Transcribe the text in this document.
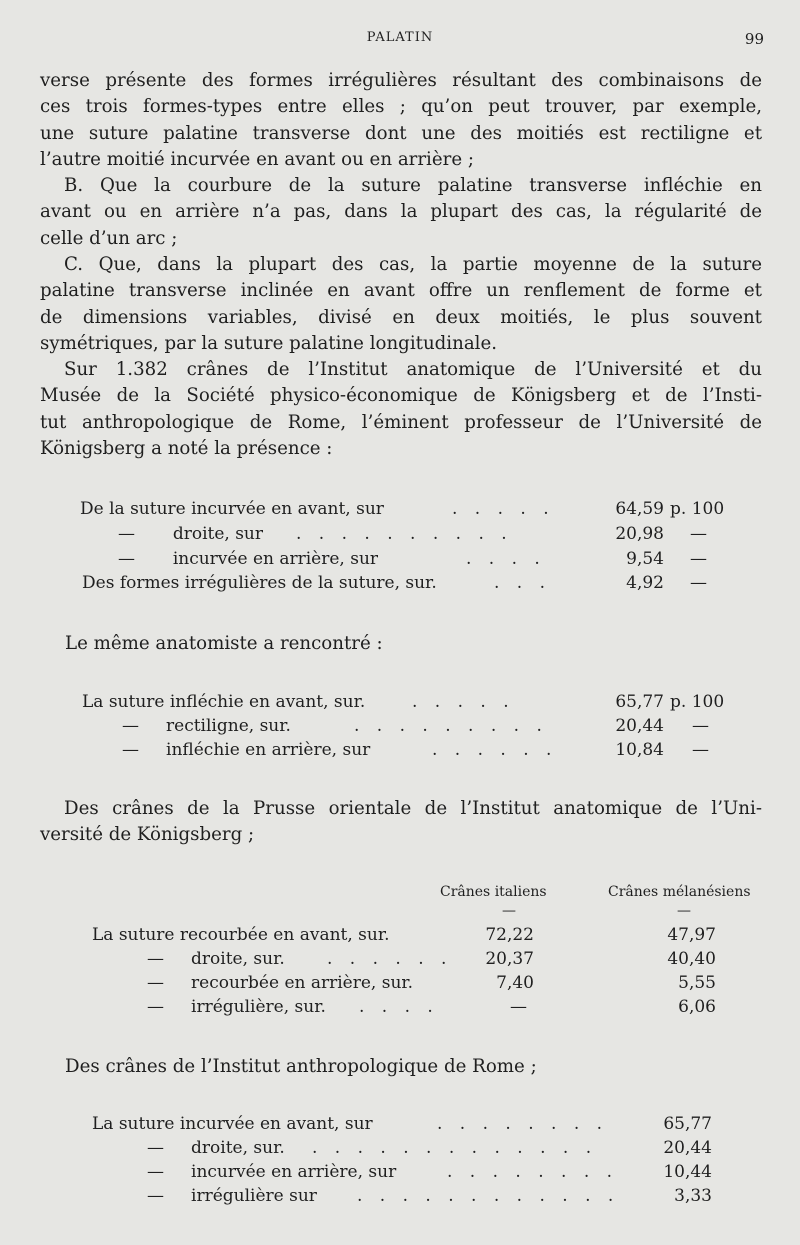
PALATIN	99
verse présente des formes irrégulières résultant des combinaisons de
ces trois formes-types entre elles ; qu’on peut trouver, par exemple,
une suture palatine transverse dont une des moitiés est rectiligne et
l’autre moitié incurvée en avant ou en arrière ;
B. Que la courbure de la suture palatine transverse infléchie en
avant ou en arrière n’a pas, dans la plupart des cas, la régularité de
celle d’un arc ;
C. Que, dans la plupart des cas, la partie moyenne de la suture
palatine transverse inclinée en avant offre un renflement de forme et
de dimensions variables, divisé en deux moitiés, le plus souvent
symétriques, par la suture palatine longitudinale.
Sur 1.382 crânes de l’Institut anatomique de l’Université et du
Musée de la Société physico-économique de Königsberg et de l’Insti-
tut anthropologique de Rome, l’éminent professeur de l’Université de
Königsberg a noté la présence :
De la suture incurvée en avant, sur	. . . . .	64,59 p. 100
—       droite, sur . . . . . . . . . .	20,98 —
—       incurvée en arrière, sur	. . . .	9,54 —
Des formes irrégulières de la suture, sur.	. . .	4,92 —
Le même anatomiste a rencontré :
La suture infléchie en avant, sur.	. . . . .	65,77 p. 100
—     rectiligne, sur.	. . . . . . . . .	20,44 —
—     infléchie en arrière, sur	. . . . . .	10,84 —
Des crânes de la Prusse orientale de l’Institut anatomique de l’Uni-
versité de Königsberg ;
Crânes italiens	Crânes mélanésiens
—	—
La suture recourbée en avant, sur.	72,22	47,97
—     droite, sur. . . . . . .	20,37	40,40
—     recourbée en arrière, sur.	7,40	5,55
—     irrégulière, sur. . . . .	—	6,06
Des crânes de l’Institut anthropologique de Rome ;
La suture incurvée en avant, sur	. . . . . . . .	65,77
—     droite, sur. . . . . . . . . . . . . .	20,44
—     incurvée en arrière, sur	. . . . . . . .	10,44
—     irrégulière sur . . . . . . . . . . . .	3,33
